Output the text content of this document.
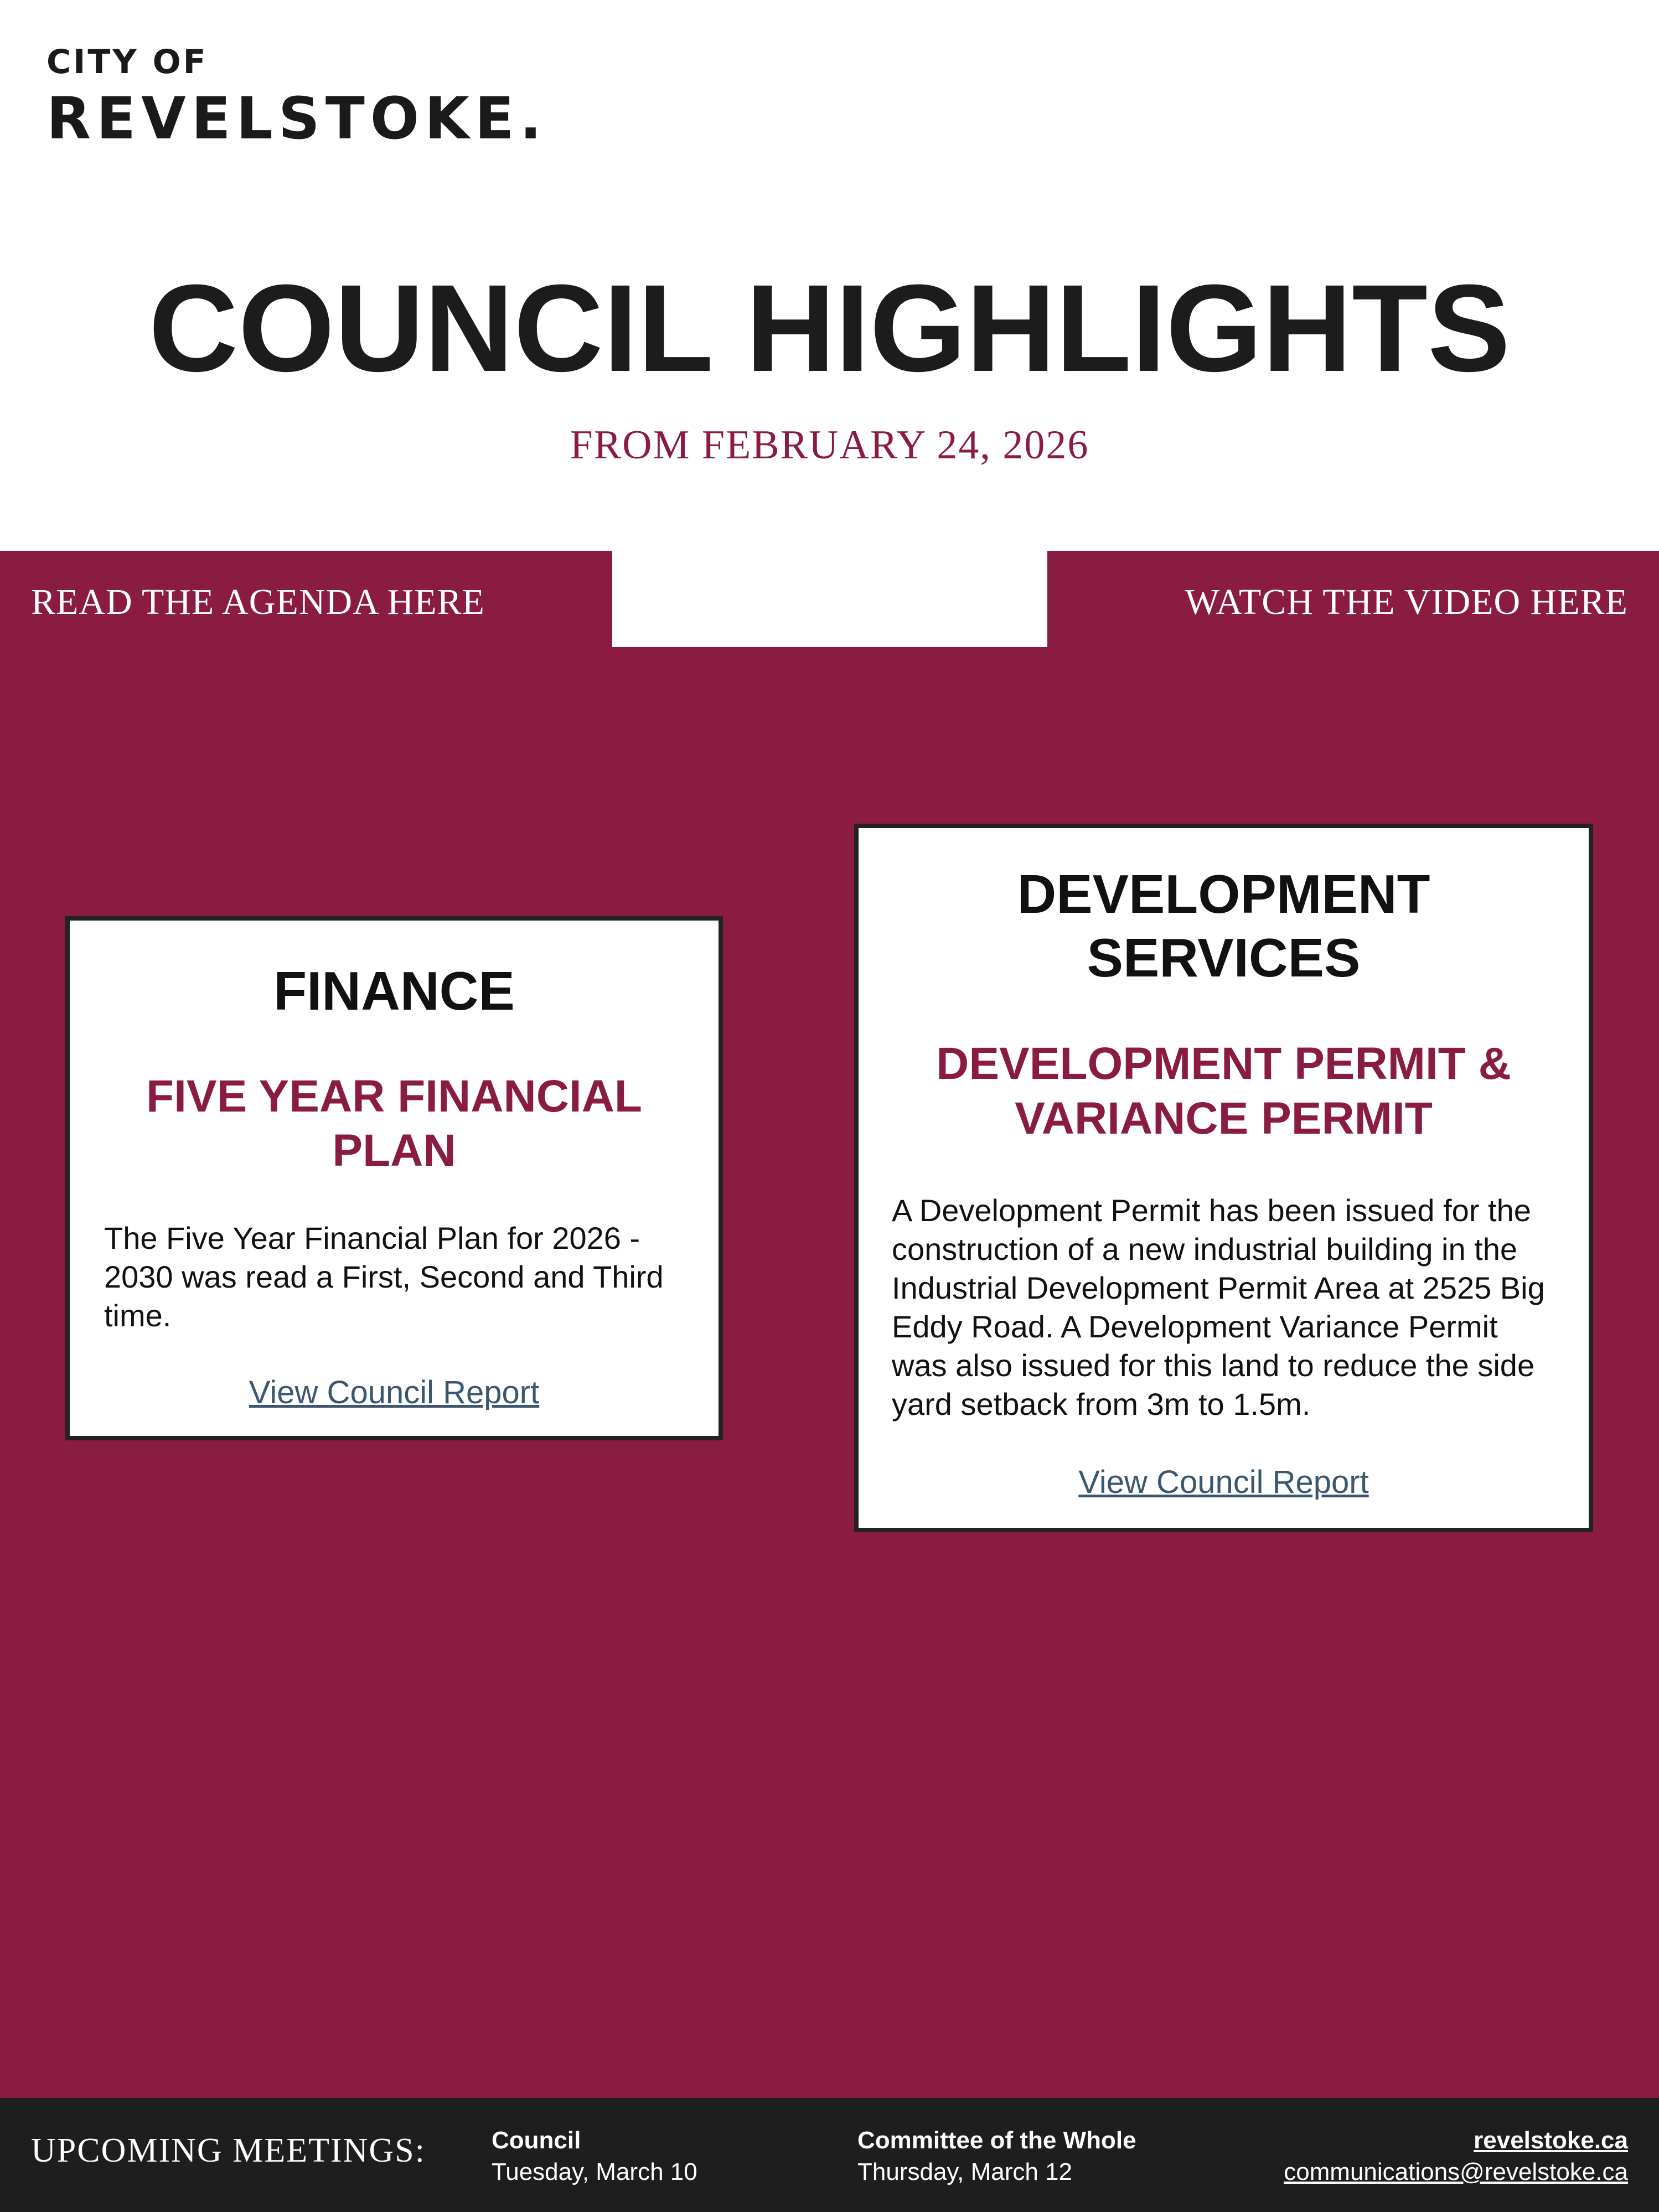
CITY OF
REVELSTOKE.
COUNCIL HIGHLIGHTS
FROM FEBRUARY 24, 2026
READ THE AGENDA HERE	WATCH THE VIDEO HERE
FINANCE
FIVE YEAR FINANCIAL PLAN

The Five Year Financial Plan for 2026 - 2030 was read a First, Second and Third time.

View Council Report
DEVELOPMENT SERVICES
DEVELOPMENT PERMIT & VARIANCE PERMIT

A Development Permit has been issued for the construction of a new industrial building in the Industrial Development Permit Area at 2525 Big Eddy Road. A Development Variance Permit was also issued for this land to reduce the side yard setback from 3m to 1.5m.

View Council Report
UPCOMING MEETINGS:	Council
Tuesday, March 10
Committee of the Whole
Thursday, March 12
revelstoke.ca
communications@revelstoke.ca
